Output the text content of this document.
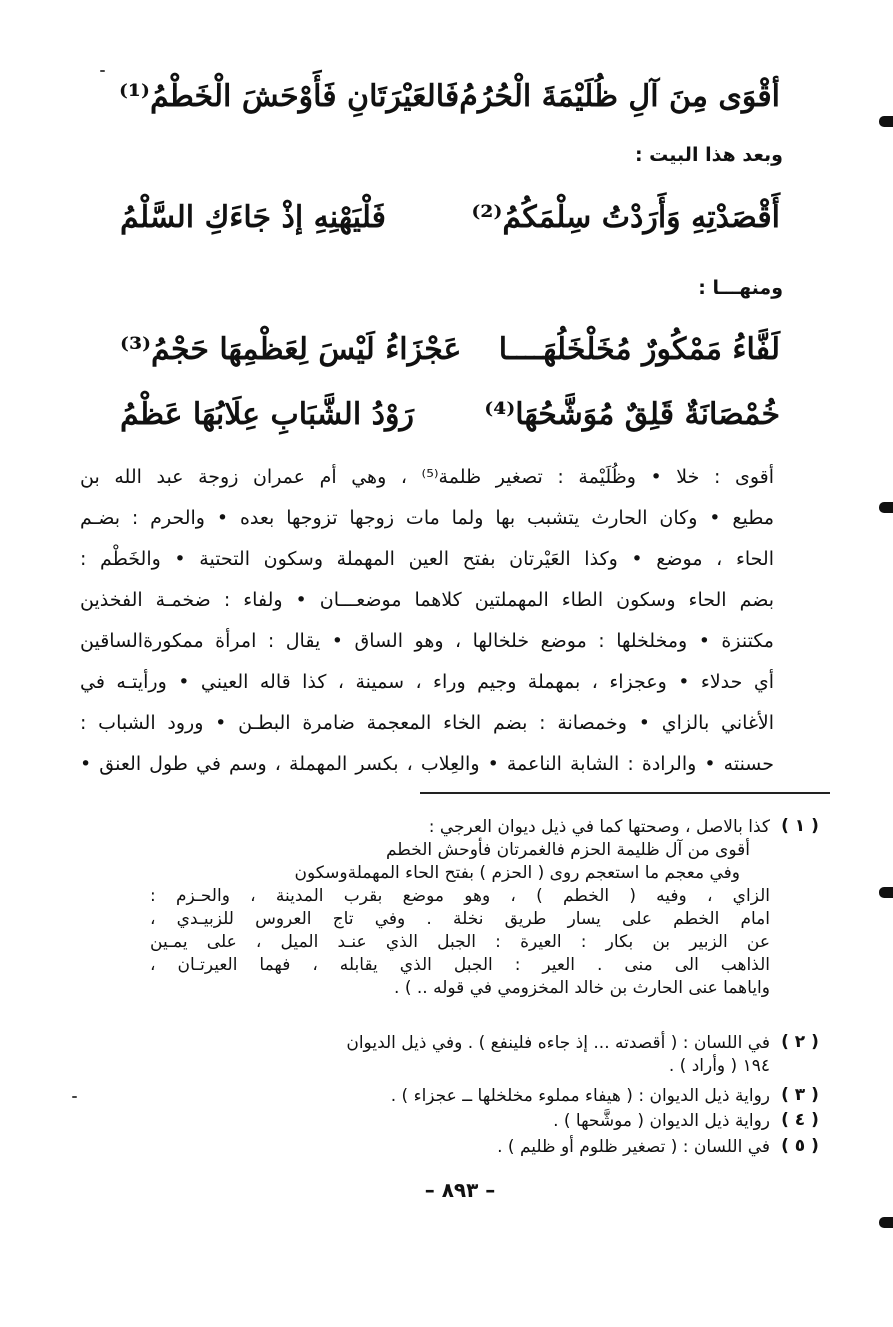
أقْوَى مِنَ آلِ ظُلَيْمَةَ الْحُرُمُ
فَالعَيْرَتَانِ فَأَوْحَشَ الْخَطْمُ⁽¹⁾
وبعد هذا البيت :
أَقْصَدْتِهِ وَأَرَدْتُ سِلْمَكُمُ⁽²⁾
فَلْيَهْنِهِ إذْ جَاءَكِ السَّلْمُ
ومنهـــا :
لَفَّاءُ مَمْكُورٌ مُخَلْخَلُهَــــا
عَجْزَاءُ لَيْسَ لِعَظْمِهَا حَجْمُ⁽³⁾
خُمْصَانَةٌ قَلِقٌ مُوَشَّحُهَا⁽⁴⁾
رَوْدُ الشَّبَابِ عِلَابُهَا عَظْمُ
أقوى : خلا • وظُلَيْمة : تصغير ظلمة⁽⁵⁾ ، وهي أم عمران زوجة عبد الله بن
مطيع • وكان الحارث يتشبب بها ولما مات زوجها تزوجها بعده • والحرم : بضـم
الحاء ، موضع • وكذا العَيْرتان بفتح العين المهملة وسكون التحتية • والخَطْم :
بضم الحاء وسكون الطاء المهملتين كلاهما موضعـــان • ولفاء : ضخمـة الفخذين
مكتنزة • ومخلخلها : موضع خلخالها ، وهو الساق • يقال : امرأة ممكورةالساقين
أي حدلاء • وعجزاء ، بمهملة وجيم وراء ، سمينة ، كذا قاله العيني • ورأيتـه في
الأغاني بالزاي • وخمصانة : بضم الخاء المعجمة ضامرة البطـن • ورود الشباب :
حسنته • والرادة : الشابة الناعمة • والعِلاب ، بكسر المهملة ، وسم في طول العنق •
( ١ )
كذا بالاصل ، وصحتها كما في ذيل ديوان العرجي :
أقوى من آل ظليمة الحزم فالغمرتان فأوحش الخطم
وفي معجم ما استعجم روى ( الحزم ) بفتح الحاء المهملةوسكون
الزاي ، وفيه ( الخطم ) ، وهو موضع بقرب المدينة ، والحـزم :
امام الخطم على يسار طريق نخلة . وفي تاج العروس للزبيـدي ،
عن الزبير بن بكار : العيرة : الجبل الذي عنـد الميل ، على يمـين
الذاهب الى منى . العير : الجبل الذي يقابله ، فهما العيرتـان ،
واياهما عنى الحارث بن خالد المخزومي في قوله .. ) .
( ٢ )
في اللسان : ( أقصدته ... إذ جاءه فلينفع ) . وفي ذيل الديوان
١٩٤ ( وأراد ) .
( ٣ )
رواية ذيل الديوان : ( هيفاء مملوء مخلخلها ــ عجزاء ) .
( ٤ )
رواية ذيل الديوان ( موشَّحها ) .
( ٥ )
في اللسان : ( تصغير ظلوم أو ظليم ) .
– ٨٩٣ –
